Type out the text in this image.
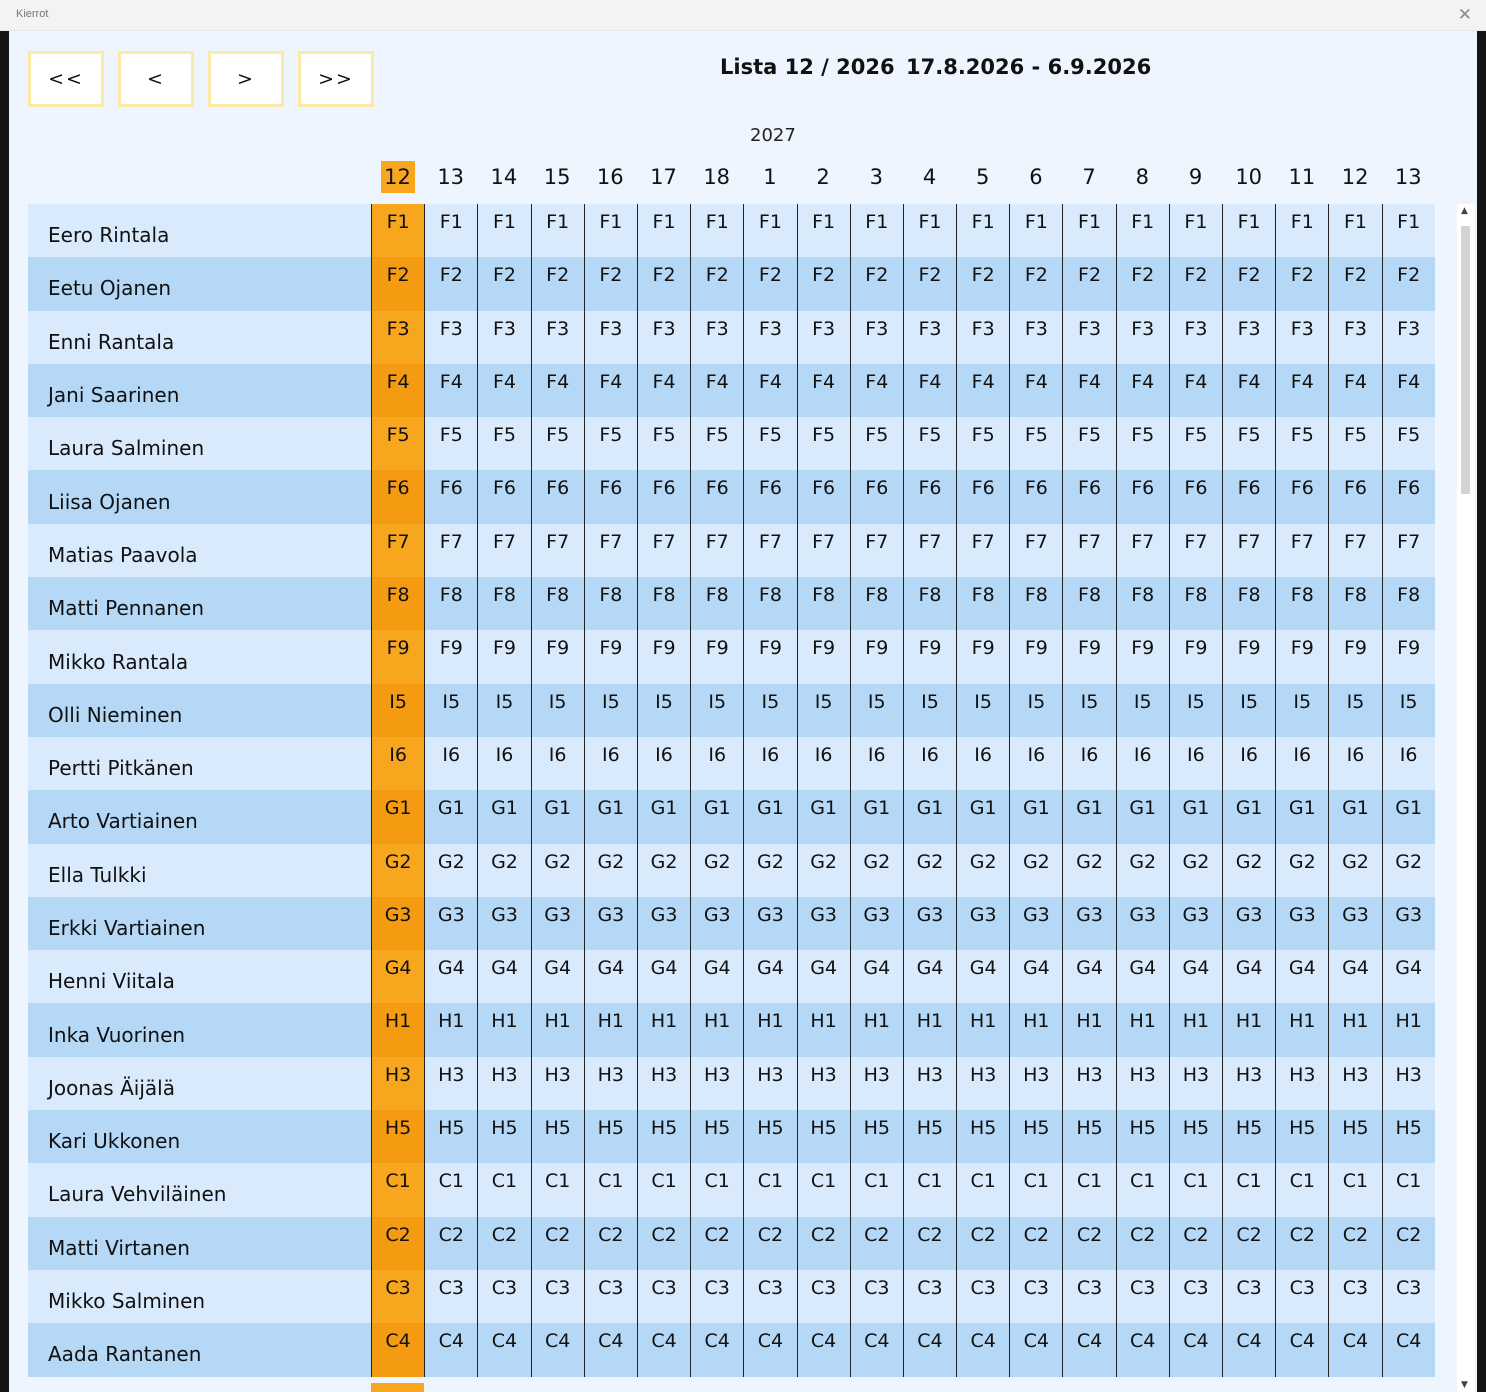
Kierrot	✕
<<	<	>	>>	Lista 12 / 2026 17.8.2026 - 6.9.2026
2027
12	13	14	15	16	17	18	1	2	3	4	5	6	7	8	9	10	11	12	13
Eero Rintala
F1	F1	F1	F1	F1	F1	F1	F1	F1	F1	F1	F1	F1	F1	F1	F1	F1	F1	F1	F1
Eetu Ojanen
F2	F2	F2	F2	F2	F2	F2	F2	F2	F2	F2	F2	F2	F2	F2	F2	F2	F2	F2	F2
Enni Rantala
F3	F3	F3	F3	F3	F3	F3	F3	F3	F3	F3	F3	F3	F3	F3	F3	F3	F3	F3	F3
Jani Saarinen
F4	F4	F4	F4	F4	F4	F4	F4	F4	F4	F4	F4	F4	F4	F4	F4	F4	F4	F4	F4
Laura Salminen
F5	F5	F5	F5	F5	F5	F5	F5	F5	F5	F5	F5	F5	F5	F5	F5	F5	F5	F5	F5
Liisa Ojanen
F6	F6	F6	F6	F6	F6	F6	F6	F6	F6	F6	F6	F6	F6	F6	F6	F6	F6	F6	F6
Matias Paavola
F7	F7	F7	F7	F7	F7	F7	F7	F7	F7	F7	F7	F7	F7	F7	F7	F7	F7	F7	F7
Matti Pennanen
F8	F8	F8	F8	F8	F8	F8	F8	F8	F8	F8	F8	F8	F8	F8	F8	F8	F8	F8	F8
Mikko Rantala
F9	F9	F9	F9	F9	F9	F9	F9	F9	F9	F9	F9	F9	F9	F9	F9	F9	F9	F9	F9
Olli Nieminen
I5	I5	I5	I5	I5	I5	I5	I5	I5	I5	I5	I5	I5	I5	I5	I5	I5	I5	I5	I5
Pertti Pitkänen
I6	I6	I6	I6	I6	I6	I6	I6	I6	I6	I6	I6	I6	I6	I6	I6	I6	I6	I6	I6
Arto Vartiainen
G1	G1	G1	G1	G1	G1	G1	G1	G1	G1	G1	G1	G1	G1	G1	G1	G1	G1	G1	G1
Ella Tulkki
G2	G2	G2	G2	G2	G2	G2	G2	G2	G2	G2	G2	G2	G2	G2	G2	G2	G2	G2	G2
Erkki Vartiainen
G3	G3	G3	G3	G3	G3	G3	G3	G3	G3	G3	G3	G3	G3	G3	G3	G3	G3	G3	G3
Henni Viitala
G4	G4	G4	G4	G4	G4	G4	G4	G4	G4	G4	G4	G4	G4	G4	G4	G4	G4	G4	G4
Inka Vuorinen
H1	H1	H1	H1	H1	H1	H1	H1	H1	H1	H1	H1	H1	H1	H1	H1	H1	H1	H1	H1
Joonas Äijälä
H3	H3	H3	H3	H3	H3	H3	H3	H3	H3	H3	H3	H3	H3	H3	H3	H3	H3	H3	H3
Kari Ukkonen
H5	H5	H5	H5	H5	H5	H5	H5	H5	H5	H5	H5	H5	H5	H5	H5	H5	H5	H5	H5
Laura Vehviläinen
C1	C1	C1	C1	C1	C1	C1	C1	C1	C1	C1	C1	C1	C1	C1	C1	C1	C1	C1	C1
Matti Virtanen
C2	C2	C2	C2	C2	C2	C2	C2	C2	C2	C2	C2	C2	C2	C2	C2	C2	C2	C2	C2
Mikko Salminen
C3	C3	C3	C3	C3	C3	C3	C3	C3	C3	C3	C3	C3	C3	C3	C3	C3	C3	C3	C3
Aada Rantanen
C4	C4	C4	C4	C4	C4	C4	C4	C4	C4	C4	C4	C4	C4	C4	C4	C4	C4	C4	C4
▲
▼
